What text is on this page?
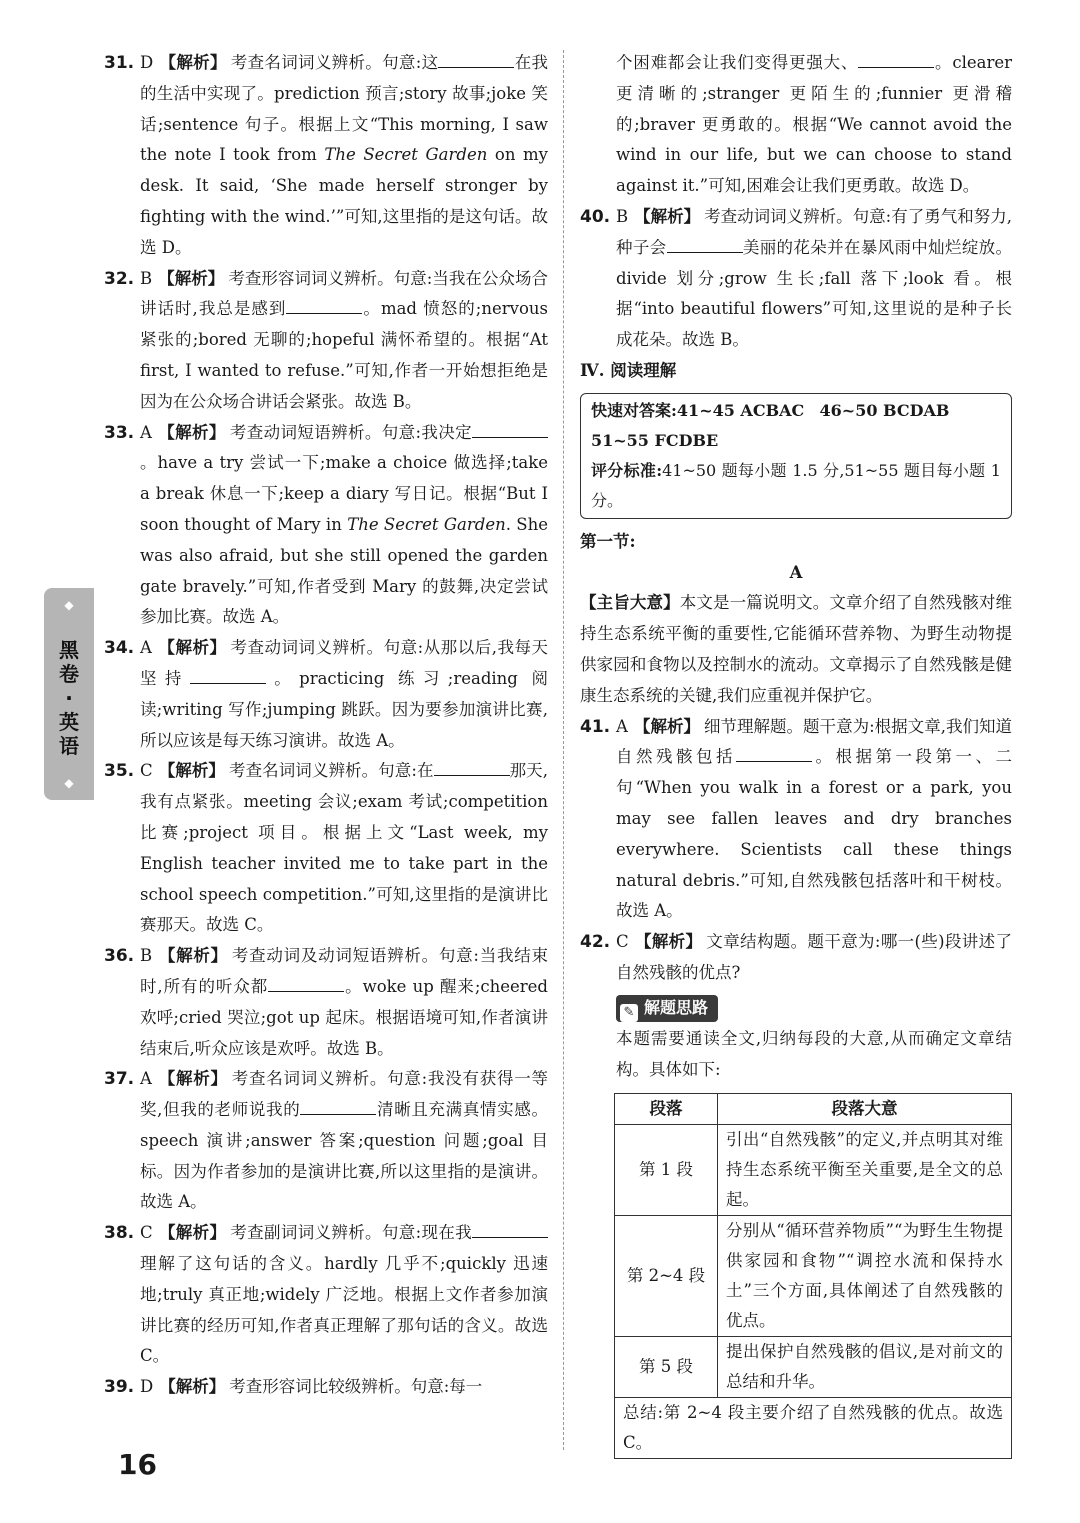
◆
黑卷·英语
◆

31. D 【解析】 考查名词词义辨析。句意:这	在我的生活中实现了。prediction 预言;story 故事;joke 笑话;sentence 句子。根据上文“This morning, I saw the note I took from The Secret Garden on my desk. It said, ‘She made herself stronger by fighting with the wind.’”可知,这里指的是这句话。故选 D。

32. B 【解析】 考查形容词词义辨析。句意:当我在公众场合讲话时,我总是感到	。mad 愤怒的;nervous 紧张的;bored 无聊的;hopeful 满怀希望的。根据“At first, I wanted to refuse.”可知,作者一开始想拒绝是因为在公众场合讲话会紧张。故选 B。

33. A 【解析】 考查动词短语辨析。句意:我决定。have a try 尝试一下;make a choice 做选择;take a break 休息一下;keep a diary 写日记。根据“But I soon thought of Mary in The Secret Garden. She was also afraid, but she still opened the garden gate bravely.”可知,作者受到 Mary 的鼓舞,决定尝试参加比赛。故选 A。

34. A 【解析】 考查动词词义辨析。句意:从那以后,我每天坚持	。practicing 练习;reading 阅读;writing 写作;jumping 跳跃。因为要参加演讲比赛,所以应该是每天练习演讲。故选 A。

35. C 【解析】 考查名词词义辨析。句意:在	那天,我有点紧张。meeting 会议;exam 考试;competition 比赛;project 项目。根据上文“Last week, my English teacher invited me to take part in the school speech competition.”可知,这里指的是演讲比赛那天。故选 C。

36. B 【解析】 考查动词及动词短语辨析。句意:当我结束时,所有的听众都	。woke up 醒来;cheered 欢呼;cried 哭泣;got up 起床。根据语境可知,作者演讲结束后,听众应该是欢呼。故选 B。

37. A 【解析】 考查名词词义辨析。句意:我没有获得一等奖,但我的老师说我的	清晰且充满真情实感。speech 演讲;answer 答案;question 问题;goal 目标。因为作者参加的是演讲比赛,所以这里指的是演讲。故选 A。

38. C 【解析】 考查副词词义辨析。句意:现在我理解了这句话的含义。hardly 几乎不;quickly 迅速地;truly 真正地;widely 广泛地。根据上文作者参加演讲比赛的经历可知,作者真正理解了那句话的含义。故选 C。

39. D 【解析】 考查形容词比较级辨析。句意:每一

个困难都会让我们变得更强大、	。clearer 更清晰的;stranger 更陌生的;funnier 更滑稽的;braver 更勇敢的。根据“We cannot avoid the wind in our life, but we can choose to stand against it.”可知,困难会让我们更勇敢。故选 D。

40. B 【解析】 考查动词词义辨析。句意:有了勇气和努力,种子会	美丽的花朵并在暴风雨中灿烂绽放。divide 划分;grow 生长;fall 落下;look 看。根据“into beautiful flowers”可知,这里说的是种子长成花朵。故选 B。

Ⅳ. 阅读理解

快速对答案:41~45 ACBAC 46~50 BCDAB
51~55 FCDBE
评分标准:41~50 题每小题 1.5 分,51~55 题目每小题 1 分。

第一节:

A

【主旨大意】本文是一篇说明文。文章介绍了自然残骸对维持生态系统平衡的重要性,它能循环营养物、为野生动物提供家园和食物以及控制水的流动。文章揭示了自然残骸是健康生态系统的关键,我们应重视并保护它。

41. A 【解析】 细节理解题。题干意为:根据文章,我们知道自然残骸包括	。根据第一段第一、二句“When you walk in a forest or a park, you may see fallen leaves and dry branches everywhere. Scientists call these things natural debris.”可知,自然残骸包括落叶和干树枝。故选 A。

42. C 【解析】 文章结构题。题干意为:哪一(些)段讲述了自然残骸的优点?

✎ 解题思路

本题需要通读全文,归纳每段的大意,从而确定文章结构。具体如下:

段落	段落大意
第 1 段	引出“自然残骸”的定义,并点明其对维持生态系统平衡至关重要,是全文的总起。
第 2~4 段	分别从“循环营养物质”“为野生生物提供家园和食物”“调控水流和保持水土”三个方面,具体阐述了自然残骸的优点。
第 5 段	提出保护自然残骸的倡议,是对前文的总结和升华。
总结:第 2~4 段主要介绍了自然残骸的优点。故选 C。	
16
